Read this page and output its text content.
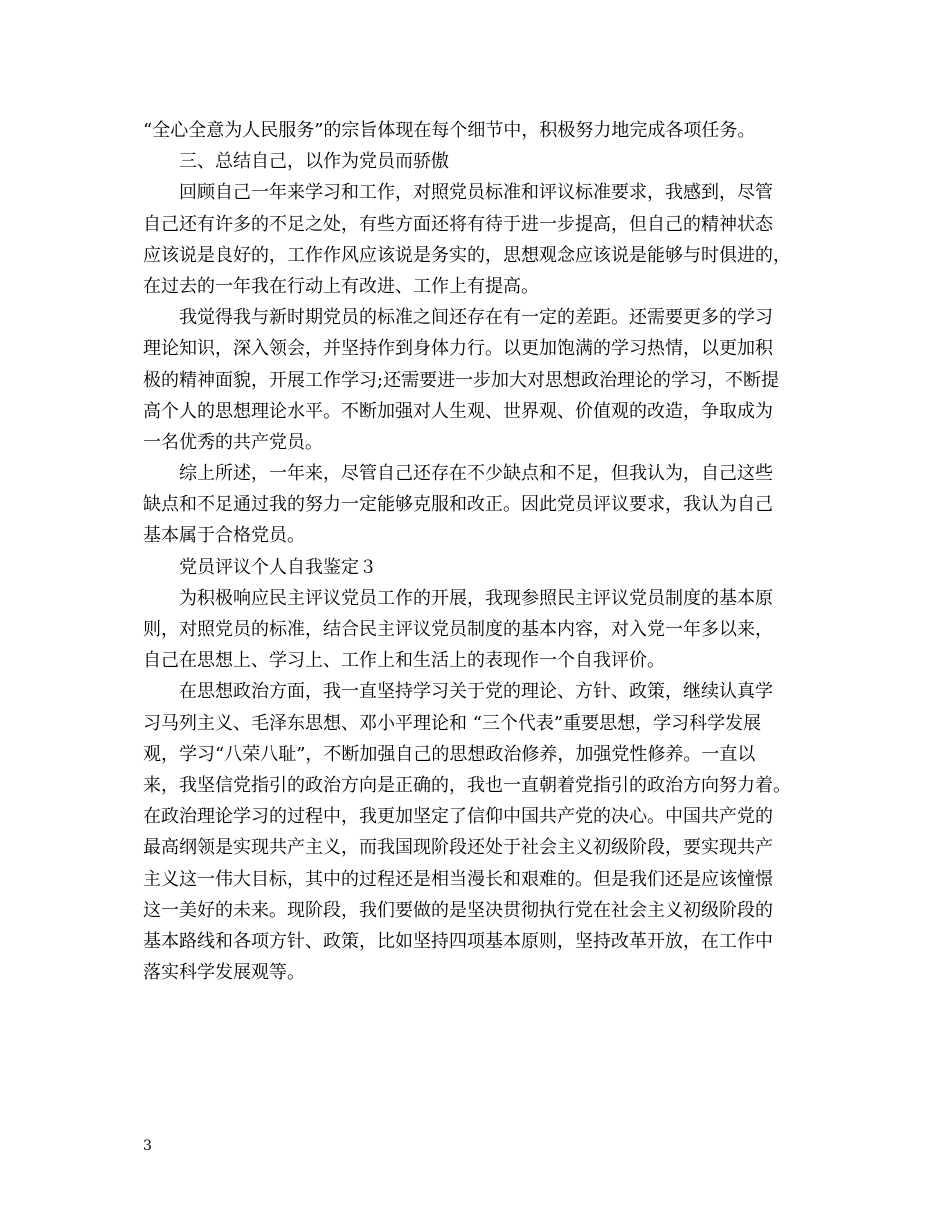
“全心全意为人民服务”的宗旨体现在每个细节中，积极努力地完成各项任务。
三、总结自己，以作为党员而骄傲
回顾自己一年来学习和工作，对照党员标准和评议标准要求，我感到，尽管
自己还有许多的不足之处，有些方面还将有待于进一步提高，但自己的精神状态
应该说是良好的，工作作风应该说是务实的，思想观念应该说是能够与时俱进的，
在过去的一年我在行动上有改进、工作上有提高。
我觉得我与新时期党员的标准之间还存在有一定的差距。还需要更多的学习
理论知识，深入领会，并坚持作到身体力行。以更加饱满的学习热情，以更加积
极的精神面貌，开展工作学习;还需要进一步加大对思想政治理论的学习，不断提
高个人的思想理论水平。不断加强对人生观、世界观、价值观的改造，争取成为
一名优秀的共产党员。
综上所述，一年来，尽管自己还存在不少缺点和不足，但我认为，自己这些
缺点和不足通过我的努力一定能够克服和改正。因此党员评议要求，我认为自己
基本属于合格党员。
党员评议个人自我鉴定３
为积极响应民主评议党员工作的开展，我现参照民主评议党员制度的基本原
则，对照党员的标准，结合民主评议党员制度的基本内容，对入党一年多以来，
自己在思想上、学习上、工作上和生活上的表现作一个自我评价。
在思想政治方面，我一直坚持学习关于党的理论、方针、政策，继续认真学
习马列主义、毛泽东思想、邓小平理论和 “三个代表”重要思想，学习科学发展
观，学习“八荣八耻”，不断加强自己的思想政治修养，加强党性修养。一直以
来，我坚信党指引的政治方向是正确的，我也一直朝着党指引的政治方向努力着。
在政治理论学习的过程中，我更加坚定了信仰中国共产党的决心。中国共产党的
最高纲领是实现共产主义，而我国现阶段还处于社会主义初级阶段，要实现共产
主义这一伟大目标，其中的过程还是相当漫长和艰难的。但是我们还是应该憧憬
这一美好的未来。现阶段，我们要做的是坚决贯彻执行党在社会主义初级阶段的
基本路线和各项方针、政策，比如坚持四项基本原则，坚持改革开放，在工作中
落实科学发展观等。
3
